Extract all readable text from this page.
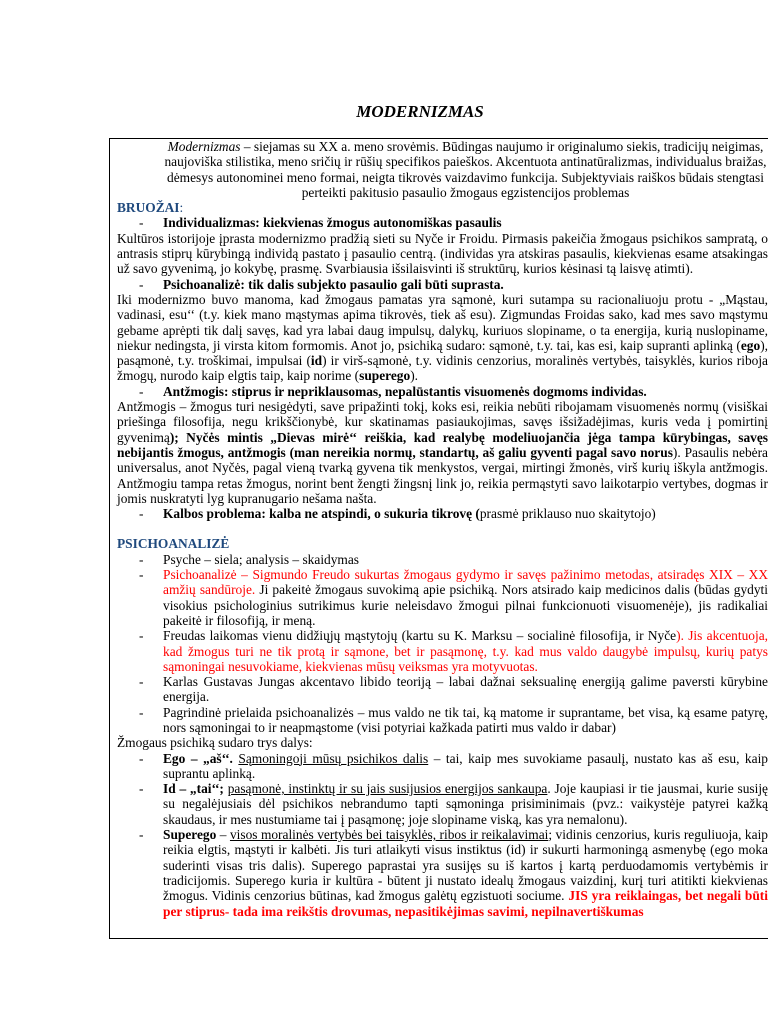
MODERNIZMAS
Modernizmas – siejamas su XX a. meno srovėmis. Būdingas naujumo ir originalumo siekis, tradicijų neigimas,
naujoviška stilistika, meno sričių ir rūšių specifikos paieškos. Akcentuota antinatūralizmas, individualus braižas,
dėmesys autonominei meno formai, neigta tikrovės vaizdavimo funkcija. Subjektyviais raiškos būdais stengtasi
perteikti pakitusio pasaulio žmogaus egzistencijos problemas
BRUOŽAI:
-	Individualizmas: kiekvienas žmogus autonomiškas pasaulis
Kultūros istorijoje įprasta modernizmo pradžią sieti su Nyče ir Froidu. Pirmasis pakeičia žmogaus psichikos sampratą, o antrasis stiprų kūrybingą individą pastato į pasaulio centrą. (individas yra atskiras pasaulis, kiekvienas esame atsakingas už savo gyvenimą, jo kokybę, prasmę. Svarbiausia išsilaisvinti iš struktūrų, kurios kėsinasi tą laisvę atimti).
-	Psichoanalizė: tik dalis subjekto pasaulio gali būti suprasta.
Iki modernizmo buvo manoma, kad žmogaus pamatas yra sąmonė, kuri sutampa su racionaliuoju protu - „Mąstau, vadinasi, esu‘‘ (t.y. kiek mano mąstymas apima tikrovės, tiek aš esu). Zigmundas Froidas sako, kad mes savo mąstymu gebame aprėpti tik dalį savęs, kad yra labai daug impulsų, dalykų, kuriuos slopiname, o ta energija, kurią nuslopiname, niekur nedingsta, ji virsta kitom formomis. Anot jo, psichiką sudaro: sąmonė, t.y. tai, kas esi, kaip supranti aplinką (ego), pasąmonė, t.y. troškimai, impulsai (id) ir virš-sąmonė, t.y. vidinis cenzorius, moralinės vertybės, taisyklės, kurios riboja žmogų, nurodo kaip elgtis taip, kaip norime (superego).
-	Antžmogis: stiprus ir nepriklausomas, nepalūstantis visuomenės dogmoms individas.
Antžmogis – žmogus turi nesigėdyti, save pripažinti tokį, koks esi, reikia nebūti ribojamam visuomenės normų (visiškai priešinga filosofija, negu krikščionybė, kur skatinamas pasiaukojimas, savęs išsižadėjimas, kuris veda į pomirtinį gyvenimą); Nyčės mintis „Dievas mirė‘‘ reiškia, kad realybę modeliuojančia jėga tampa kūrybingas, savęs nebijantis žmogus, antžmogis (man nereikia normų, standartų, aš galiu gyventi pagal savo norus). Pasaulis nebėra universalus, anot Nyčės, pagal vieną tvarką gyvena tik menkystos, vergai, mirtingi žmonės, virš kurių iškyla antžmogis. Antžmogiu tampa retas žmogus, norint bent žengti žingsnį link jo, reikia permąstyti savo laikotarpio vertybes, dogmas ir jomis nuskratyti lyg kupranugario nešama našta.
-	Kalbos problema: kalba ne atspindi, o sukuria tikrovę (prasmė priklauso nuo skaitytojo)
PSICHOANALIZĖ
-	Psyche – siela; analysis – skaidymas
-	Psichoanalizė – Sigmundo Freudo sukurtas žmogaus gydymo ir savęs pažinimo metodas, atsiradęs XIX – XX amžių sandūroje. Ji pakeitė žmogaus suvokimą apie psichiką. Nors atsirado kaip medicinos dalis (būdas gydyti visokius psichologinius sutrikimus kurie neleisdavo žmogui pilnai funkcionuoti visuomenėje), jis radikaliai pakeitė ir filosofiją, ir meną.
-	Freudas laikomas vienu didžiųjų mąstytojų (kartu su K. Marksu – socialinė filosofija, ir Nyče). Jis akcentuoja, kad žmogus turi ne tik protą ir sąmone, bet ir pasąmonę, t.y. kad mus valdo daugybė impulsų, kurių patys sąmoningai nesuvokiame, kiekvienas mūsų veiksmas yra motyvuotas.
-	Karlas Gustavas Jungas akcentavo libido teoriją – labai dažnai seksualinę energiją galime paversti kūrybine energija.
-	Pagrindinė prielaida psichoanalizės – mus valdo ne tik tai, ką matome ir suprantame, bet visa, ką esame patyrę, nors sąmoningai to ir neapmąstome (visi potyriai kažkada patirti mus valdo ir dabar)
Žmogaus psichiką sudaro trys dalys:
-	Ego – „aš‘‘. Sąmoningoji mūsų psichikos dalis – tai, kaip mes suvokiame pasaulį, nustato kas aš esu, kaip suprantu aplinką.
-	Id – „tai‘‘; pasąmonė, instinktų ir su jais susijusios energijos sankaupa. Joje kaupiasi ir tie jausmai, kurie susiję su negalėjusiais dėl psichikos nebrandumo tapti sąmoninga prisiminimais (pvz.: vaikystėje patyrei kažką skaudaus, ir mes nustumiame tai į pasąmonę; joje slopiname viską, kas yra nemalonu).
-	Superego – visos moralinės vertybės bei taisyklės, ribos ir reikalavimai; vidinis cenzorius, kuris reguliuoja, kaip reikia elgtis, mąstyti ir kalbėti. Jis turi atlaikyti visus instiktus (id) ir sukurti harmoningą asmenybę (ego moka suderinti visas tris dalis). Superego paprastai yra susijęs su iš kartos į kartą perduodamomis vertybėmis ir tradicijomis. Superego kuria ir kultūra - būtent ji nustato idealų žmogaus vaizdinį, kurį turi atitikti kiekvienas žmogus. Vidinis cenzorius būtinas, kad žmogus galėtų egzistuoti sociume. JIS yra reiklaingas, bet negali būti per stiprus- tada ima reikštis drovumas, nepasitikėjimas savimi, nepilnavertiškumas
